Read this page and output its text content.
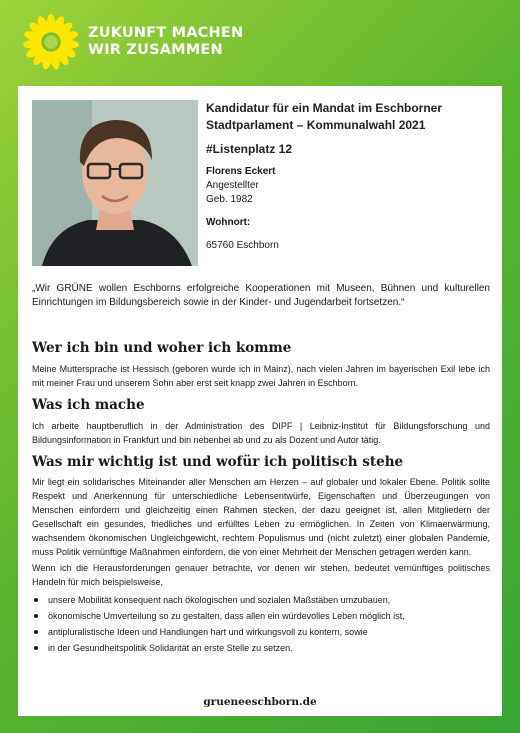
ZUKUNFT MACHEN
WIR ZUSAMMEN
Kandidatur für ein Mandat im Eschborner
Stadtparlament – Kommunalwahl 2021
#Listenplatz 12
Florens Eckert
Angestellter
Geb. 1982
Wohnort:
65760 Eschborn
„Wir GRÜNE wollen Eschborns erfolgreiche Kooperationen mit Museen, Bühnen und kulturellen Einrichtungen im Bildungsbereich sowie in der Kinder- und Jugendarbeit fortsetzen.“
Wer ich bin und woher ich komme
Meine Muttersprache ist Hessisch (geboren wurde ich in Mainz), nach vielen Jahren im bayerischen Exil lebe ich mit meiner Frau und unserem Sohn aber erst seit knapp zwei Jahren in Eschborn.
Was ich mache
Ich arbeite hauptberuflich in der Administration des DIPF | Leibniz-Institut für Bildungsforschung und Bildungsinformation in Frankfurt und bin nebenbei ab und zu als Dozent und Autor tätig.
Was mir wichtig ist und wofür ich politisch stehe
Mir liegt ein solidarisches Miteinander aller Menschen am Herzen – auf globaler und lokaler Ebene. Politik sollte Respekt und Anerkennung für unterschiedliche Lebensentwürfe, Eigenschaften und Überzeugungen von Menschen einfordern und gleichzeitig einen Rahmen stecken, der dazu geeignet ist, allen Mitgliedern der Gesellschaft ein gesundes, friedliches und erfülltes Leben zu ermöglichen. In Zeiten von Klimaerwärmung, wachsendem ökonomischen Ungleichgewicht, rechtem Populismus und (nicht zuletzt) einer globalen Pandemie, muss Politik vernünftige Maßnahmen einfordern, die von einer Mehrheit der Menschen getragen werden kann.
Wenn ich die Herausforderungen genauer betrachte, vor denen wir stehen, bedeutet vernünftiges politisches Handeln für mich beispielsweise,
unsere Mobilität konsequent nach ökologischen und sozialen Maßstäben umzubauen,
ökonomische Umverteilung so zu gestalten, dass allen ein würdevolles Leben möglich ist,
antipluralistische Ideen und Handlungen hart und wirkungsvoll zu kontern, sowie
in der Gesundheitspolitik Solidarität an erste Stelle zu setzen.
grueneeschborn.de
